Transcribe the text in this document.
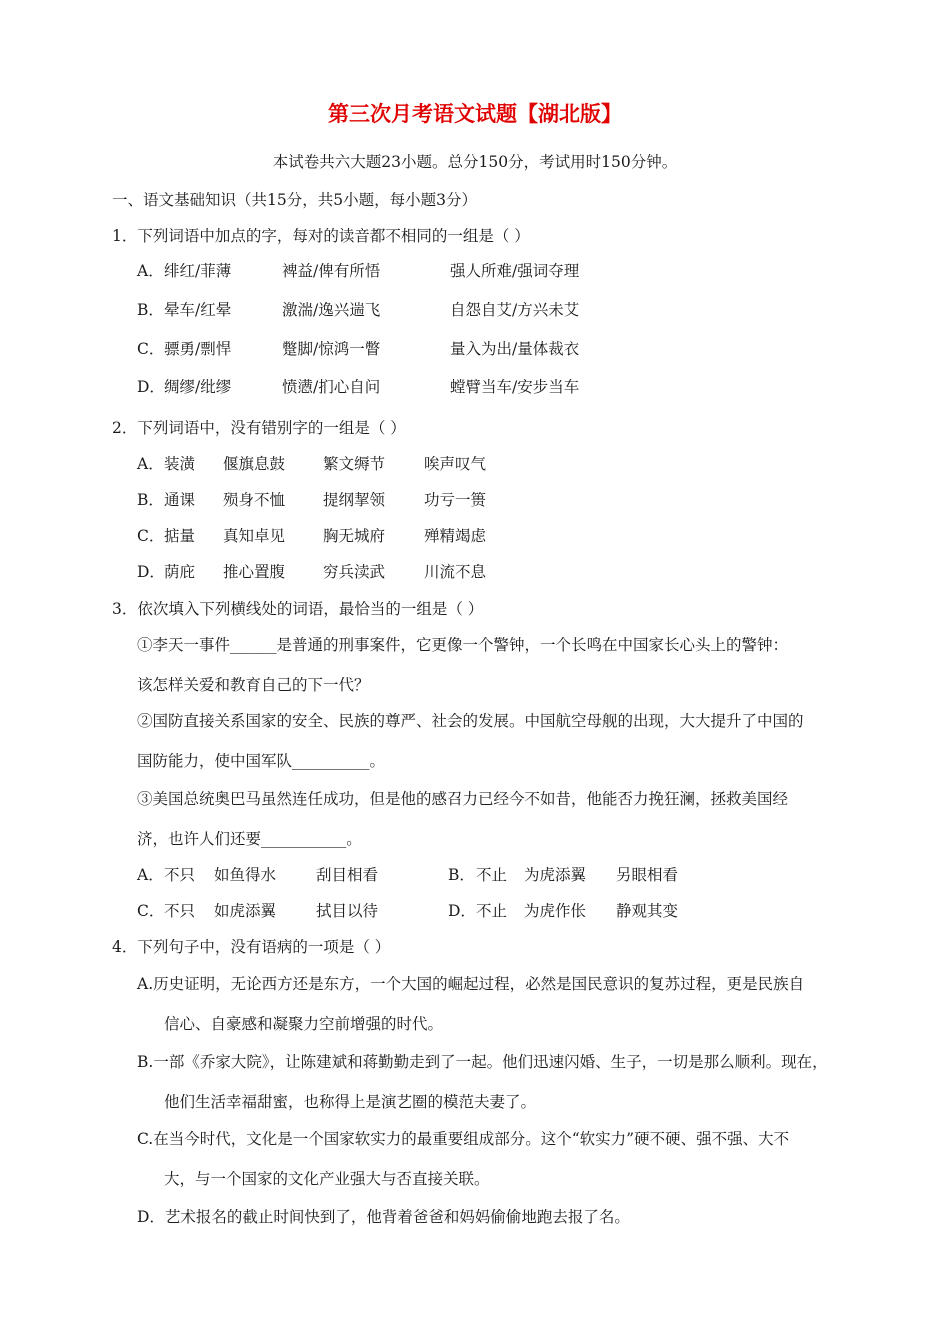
第三次月考语文试题【湖北版】
本试卷共六大题23小题。总分150分，考试用时150分钟。
一、语文基础知识（共15分，共5小题，每小题3分）
1．下列词语中加点的字，每对的读音都不相同的一组是（ ）
A． 绯红/菲薄	裨益/俾有所悟	强人所难/强词夺理
B． 晕车/红晕	激湍/逸兴遄飞	自怨自艾/方兴未艾
C． 骠勇/剽悍	蹩脚/惊鸿一瞥	量入为出/量体裁衣
D． 绸缪/纰缪	愤懑/扪心自问	螳臂当车/安步当车
2．下列词语中，没有错别字的一组是（ ）
A． 装潢 偃旗息鼓 繁文缛节	唉声叹气
B． 通课 殒身不恤 提纲挈领	功亏一篑
C． 掂量 真知卓见 胸无城府	殚精竭虑
D． 荫庇 推心置腹 穷兵渎武	川流不息
3．依次填入下列横线处的词语，最恰当的一组是（ ）
①李天一事件______是普通的刑事案件，它更像一个警钟，一个长鸣在中国家长心头上的警钟：
该怎样关爱和教育自己的下一代？
②国防直接关系国家的安全、民族的尊严、社会的发展。中国航空母舰的出现，大大提升了中国的
国防能力，使中国军队__________。
③美国总统奥巴马虽然连任成功，但是他的感召力已经今不如昔，他能否力挽狂澜，拯救美国经
济，也许人们还要___________。
A． 不只 如鱼得水	刮目相看	B． 不止 为虎添翼 另眼相看
C． 不只 如虎添翼	拭目以待	D． 不止 为虎作伥 静观其变
4．下列句子中，没有语病的一项是（ ）
A.历史证明，无论西方还是东方，一个大国的崛起过程，必然是国民意识的复苏过程，更是民族自
信心、自豪感和凝聚力空前增强的时代。
B.一部《乔家大院》，让陈建斌和蒋勤勤走到了一起。他们迅速闪婚、生子，一切是那么顺利。现在，
他们生活幸福甜蜜，也称得上是演艺圈的模范夫妻了。
C.在当今时代，文化是一个国家软实力的最重要组成部分。这个“软实力”硬不硬、强不强、大不
大，与一个国家的文化产业强大与否直接关联。
D．艺术报名的截止时间快到了，他背着爸爸和妈妈偷偷地跑去报了名。
